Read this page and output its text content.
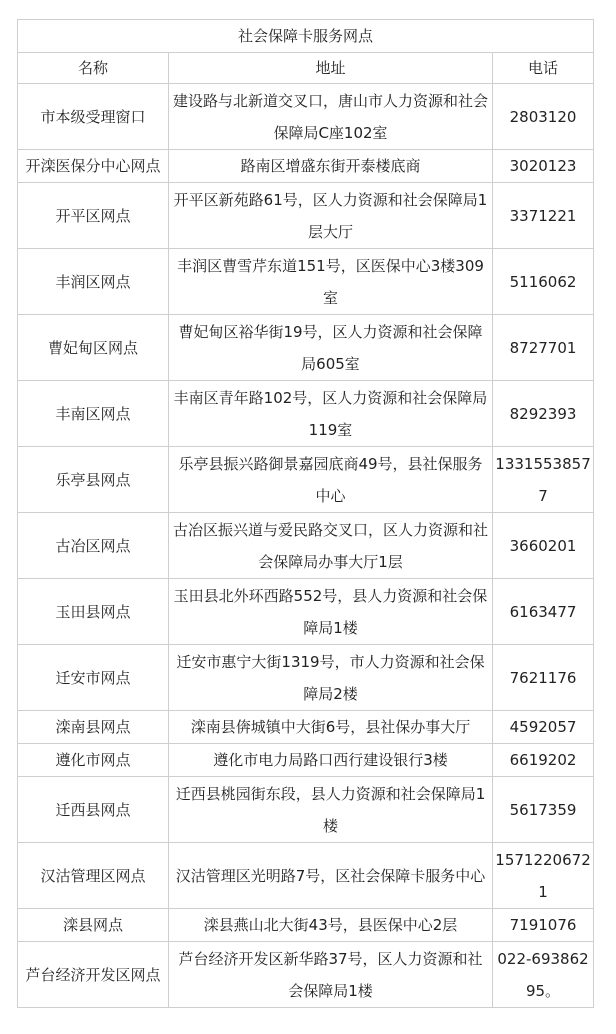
社会保障卡服务网点		
名称	地址	电话
市本级受理窗口	建设路与北新道交叉口，唐山市人力资源和社会保障局C座102室	2803120
开滦医保分中心网点	路南区增盛东街开泰楼底商	3020123
开平区网点	开平区新苑路61号，区人力资源和社会保障局1层大厅	3371221
丰润区网点	丰润区曹雪芹东道151号，区医保中心3楼309室	5116062
曹妃甸区网点	曹妃甸区裕华街19号，区人力资源和社会保障局605室	8727701
丰南区网点	丰南区青年路102号，区人力资源和社会保障局119室	8292393
乐亭县网点	乐亭县振兴路御景嘉园底商49号，县社保服务中心	13315538577
古冶区网点	古冶区振兴道与爱民路交叉口，区人力资源和社会保障局办事大厅1层	3660201
玉田县网点	玉田县北外环西路552号，县人力资源和社会保障局1楼	6163477
迁安市网点	迁安市惠宁大街1319号，市人力资源和社会保障局2楼	7621176
滦南县网点	滦南县倴城镇中大街6号，县社保办事大厅	4592057
遵化市网点	遵化市电力局路口西行建设银行3楼	6619202
迁西县网点	迁西县桃园街东段，县人力资源和社会保障局1楼	5617359
汉沽管理区网点	汉沽管理区光明路7号，区社会保障卡服务中心	15712206721
滦县网点	滦县燕山北大街43号，县医保中心2层	7191076
芦台经济开发区网点	芦台经济开发区新华路37号，区人力资源和社会保障局1楼	022-69386295。
